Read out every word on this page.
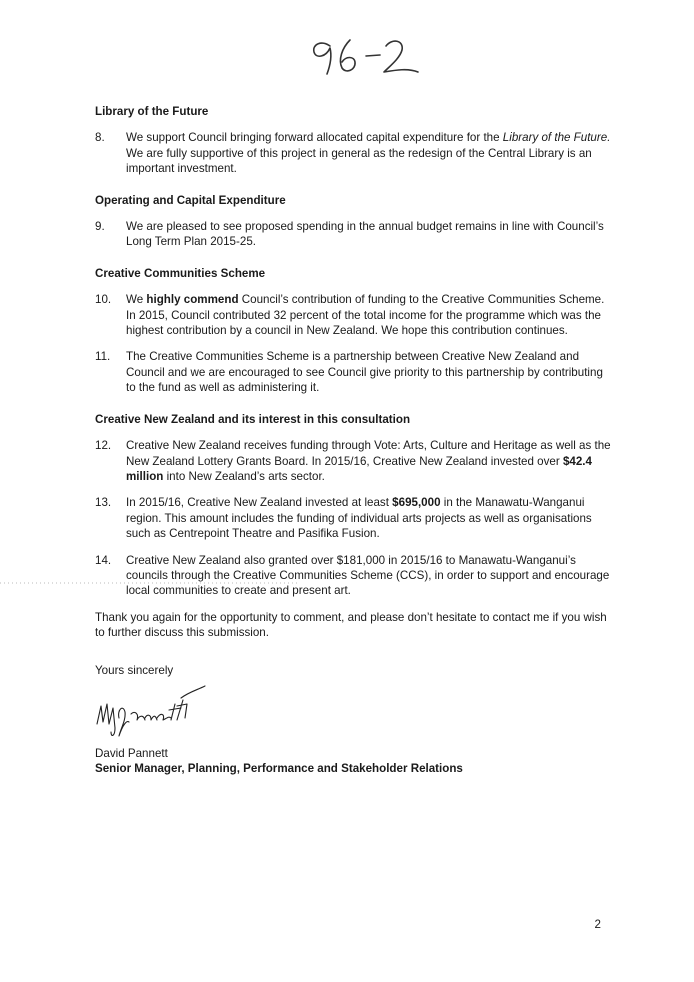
Library of the Future
8.	We support Council bringing forward allocated capital expenditure for the Library of the Future. We are fully supportive of this project in general as the redesign of the Central Library is an important investment.
Operating and Capital Expenditure
9.	We are pleased to see proposed spending in the annual budget remains in line with Council’s Long Term Plan 2015-25.
Creative Communities Scheme
10.	We highly commend Council’s contribution of funding to the Creative Communities Scheme. In 2015, Council contributed 32 percent of the total income for the programme which was the highest contribution by a council in New Zealand. We hope this contribution continues.
11.	The Creative Communities Scheme is a partnership between Creative New Zealand and Council and we are encouraged to see Council give priority to this partnership by contributing to the fund as well as administering it.
Creative New Zealand and its interest in this consultation
12.	Creative New Zealand receives funding through Vote: Arts, Culture and Heritage as well as the New Zealand Lottery Grants Board. In 2015/16, Creative New Zealand invested over $42.4 million into New Zealand’s arts sector.
13.	In 2015/16, Creative New Zealand invested at least $695,000 in the Manawatu-Wanganui region. This amount includes the funding of individual arts projects as well as organisations such as Centrepoint Theatre and Pasifika Fusion.
14.	Creative New Zealand also granted over $181,000 in 2015/16 to Manawatu-Wanganui’s councils through the Creative Communities Scheme (CCS), in order to support and encourage local communities to create and present art.

Thank you again for the opportunity to comment, and please don’t hesitate to contact me if you wish to further discuss this submission.

Yours sincerely

David Pannett

Senior Manager, Planning, Performance and Stakeholder Relations

2
